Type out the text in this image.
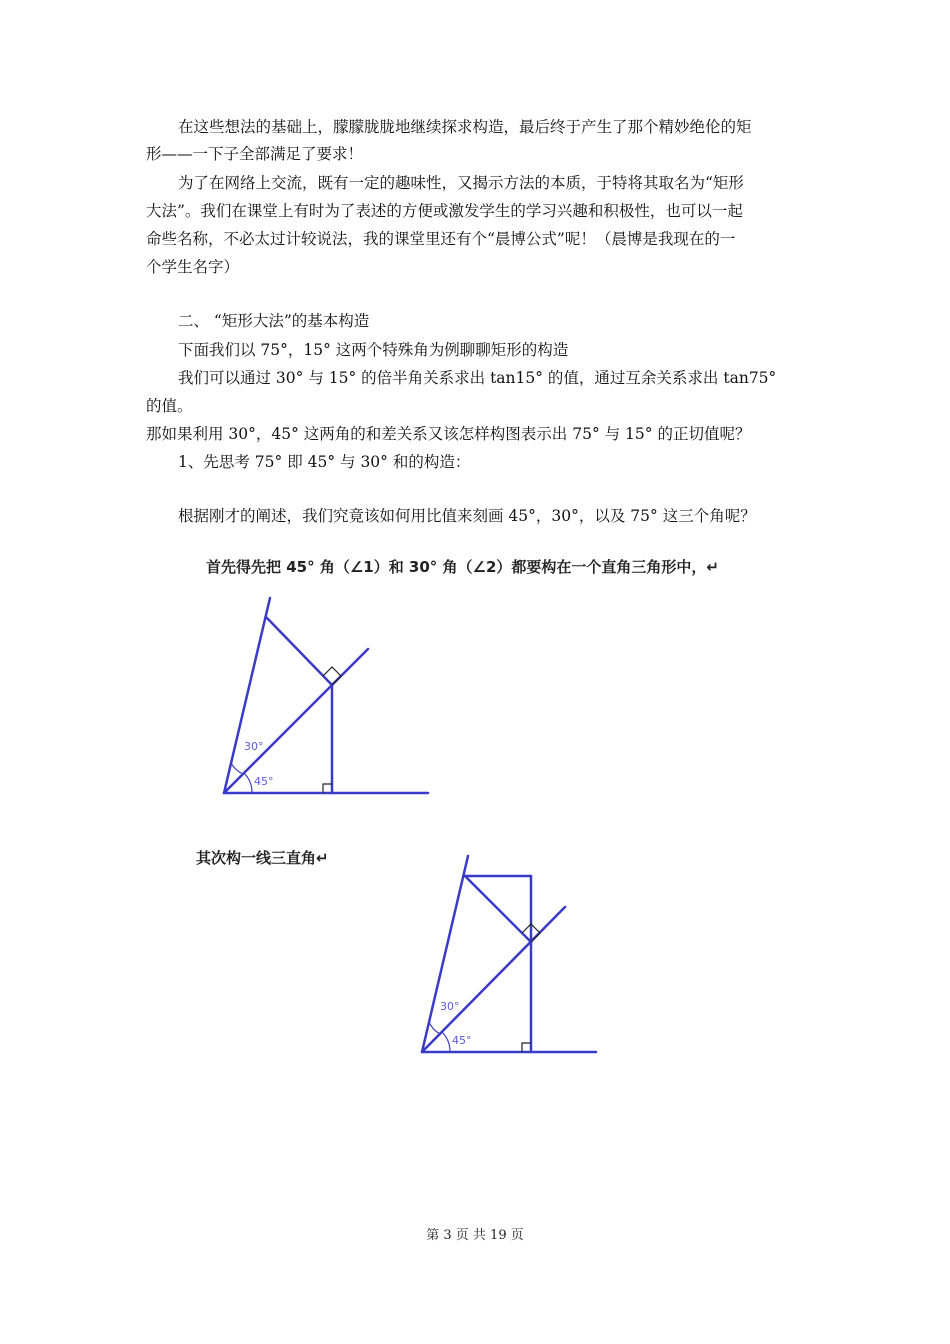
在这些想法的基础上，朦朦胧胧地继续探求构造，最后终于产生了那个精妙绝伦的矩
形——一下子全部满足了要求！
为了在网络上交流，既有一定的趣味性，又揭示方法的本质，于特将其取名为“矩形
大法”。我们在课堂上有时为了表述的方便或激发学生的学习兴趣和积极性，也可以一起
命些名称，不必太过计较说法，我的课堂里还有个“晨博公式”呢！（晨博是我现在的一
个学生名字）
二、 “矩形大法”的基本构造
下面我们以 75°，15° 这两个特殊角为例聊聊矩形的构造
我们可以通过 30° 与 15° 的倍半角关系求出 tan15° 的值，通过互余关系求出 tan75°
的值。
那如果利用 30°，45° 这两角的和差关系又该怎样构图表示出 75° 与 15° 的正切值呢？
1、先思考 75° 即 45° 与 30° 和的构造：
根据刚才的阐述，我们究竟该如何用比值来刻画 45°，30°，以及 75° 这三个角呢？
首先得先把 45° 角（∠1）和 30° 角（∠2）都要构在一个直角三角形中，↵
30°
45°
其次构一线三直角↵
30°
45°
第 3 页 共 19 页
